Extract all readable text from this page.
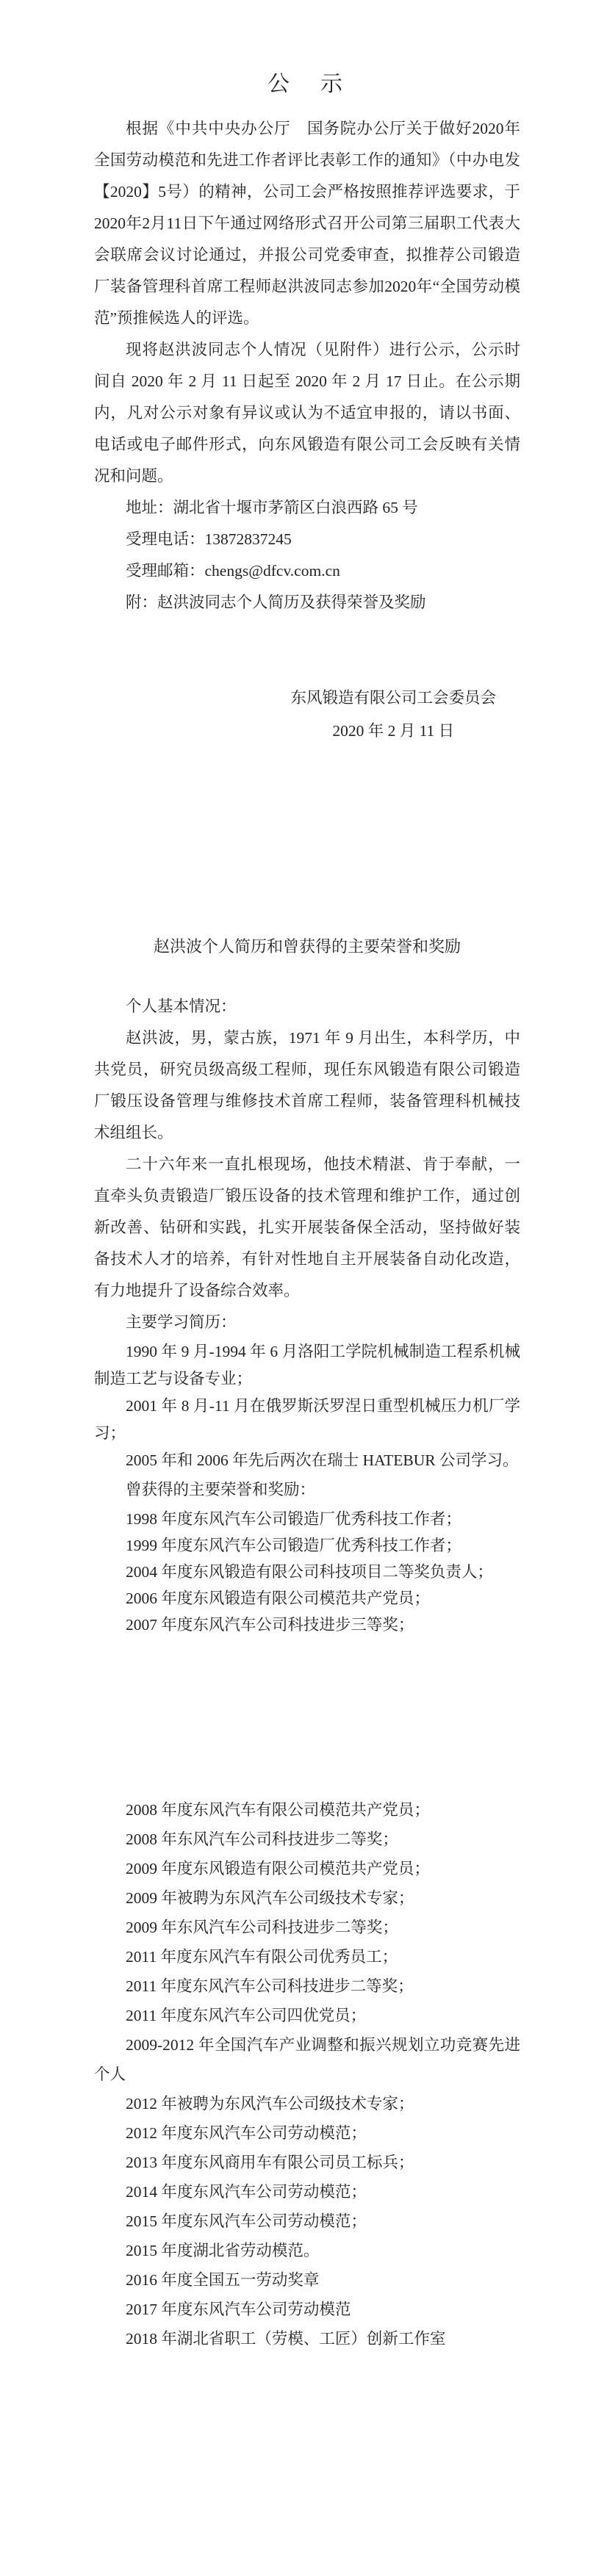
公　示

根据《中共中央办公厅　国务院办公厅关于做好2020年全国劳动模范和先进工作者评比表彰工作的通知》（中办电发【2020】5号）的精神，公司工会严格按照推荐评选要求，于2020年2月11日下午通过网络形式召开公司第三届职工代表大会联席会议讨论通过，并报公司党委审查，拟推荐公司锻造厂装备管理科首席工程师赵洪波同志参加2020年“全国劳动模范”预推候选人的评选。

现将赵洪波同志个人情况（见附件）进行公示，公示时间自 2020 年 2 月 11 日起至 2020 年 2 月 17 日止。在公示期内，凡对公示对象有异议或认为不适宜申报的，请以书面、电话或电子邮件形式，向东风锻造有限公司工会反映有关情况和问题。

地址：湖北省十堰市茅箭区白浪西路 65 号

受理电话：13872837245

受理邮箱：chengs@dfcv.com.cn

附：赵洪波同志个人简历及获得荣誉及奖励

东风锻造有限公司工会委员会

2020 年 2 月 11 日

赵洪波个人简历和曾获得的主要荣誉和奖励

个人基本情况：

赵洪波，男，蒙古族，1971 年 9 月出生，本科学历，中共党员，研究员级高级工程师，现任东风锻造有限公司锻造厂锻压设备管理与维修技术首席工程师，装备管理科机械技术组组长。

二十六年来一直扎根现场，他技术精湛、肯于奉献，一直牵头负责锻造厂锻压设备的技术管理和维护工作，通过创新改善、钻研和实践，扎实开展装备保全活动，坚持做好装备技术人才的培养，有针对性地自主开展装备自动化改造，有力地提升了设备综合效率。

主要学习简历：

1990 年 9 月-1994 年 6 月洛阳工学院机械制造工程系机械制造工艺与设备专业；

2001 年 8 月-11 月在俄罗斯沃罗涅日重型机械压力机厂学习；

2005 年和 2006 年先后两次在瑞士 HATEBUR 公司学习。

曾获得的主要荣誉和奖励：

1998 年度东风汽车公司锻造厂优秀科技工作者；

1999 年度东风汽车公司锻造厂优秀科技工作者；

2004 年度东风锻造有限公司科技项目二等奖负责人；

2006 年度东风锻造有限公司模范共产党员；

2007 年度东风汽车公司科技进步三等奖；

2008 年度东风汽车有限公司模范共产党员；

2008 年东风汽车公司科技进步二等奖；

2009 年度东风锻造有限公司模范共产党员；

2009 年被聘为东风汽车公司级技术专家；

2009 年东风汽车公司科技进步二等奖；

2011 年度东风汽车有限公司优秀员工；

2011 年度东风汽车公司科技进步二等奖；

2011 年度东风汽车公司四优党员；

2009-2012 年全国汽车产业调整和振兴规划立功竞赛先进个人

2012 年被聘为东风汽车公司级技术专家；

2012 年度东风汽车公司劳动模范；

2013 年度东风商用车有限公司员工标兵；

2014 年度东风汽车公司劳动模范；

2015 年度东风汽车公司劳动模范；

2015 年度湖北省劳动模范。

2016 年度全国五一劳动奖章

2017 年度东风汽车公司劳动模范

2018 年湖北省职工（劳模、工匠）创新工作室
